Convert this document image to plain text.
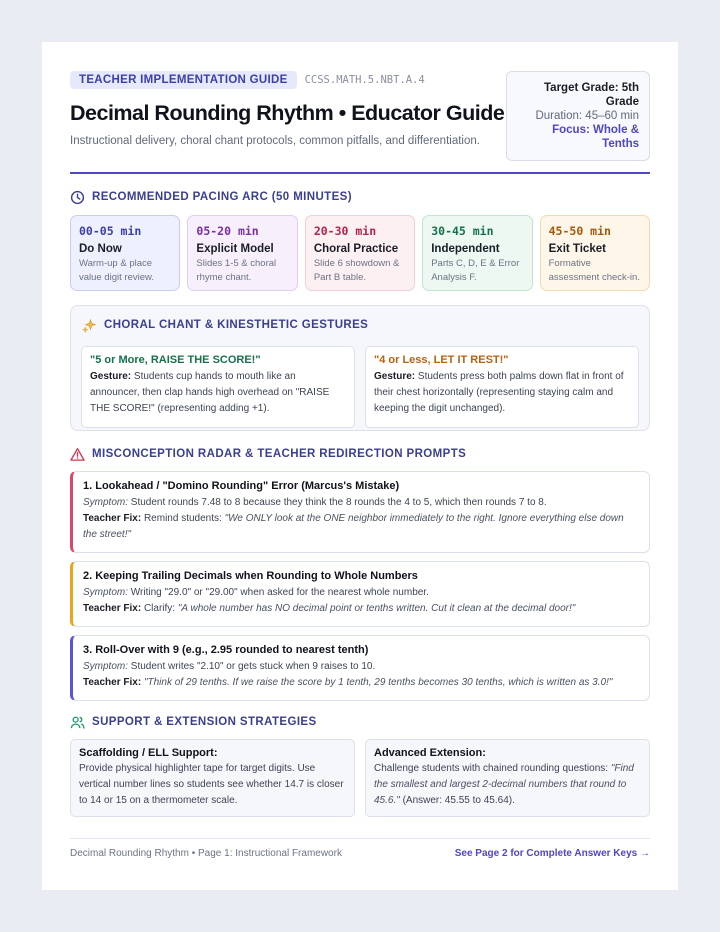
TEACHER IMPLEMENTATION GUIDE	CCSS.MATH.5.NBT.A.4
Decimal Rounding Rhythm • Educator Guide
Instructional delivery, choral chant protocols, common pitfalls, and differentiation.
Target Grade: 5th Grade
Duration: 45–60 min
Focus: Whole & Tenths
RECOMMENDED PACING ARC (50 MINUTES)
00-05 min
Do Now
Warm-up & place value digit review.
05-20 min
Explicit Model
Slides 1-5 & choral rhyme chant.
20-30 min
Choral Practice
Slide 6 showdown & Part B table.
30-45 min
Independent
Parts C, D, E & Error Analysis F.
45-50 min
Exit Ticket
Formative assessment check-in.
CHORAL CHANT & KINESTHETIC GESTURES
"5 or More, RAISE THE SCORE!"
Gesture: Students cup hands to mouth like an announcer, then clap hands high overhead on "RAISE THE SCORE!" (representing adding +1).
"4 or Less, LET IT REST!"
Gesture: Students press both palms down flat in front of their chest horizontally (representing staying calm and keeping the digit unchanged).
MISCONCEPTION RADAR & TEACHER REDIRECTION PROMPTS
1. Lookahead / "Domino Rounding" Error (Marcus's Mistake)
Symptom: Student rounds 7.48 to 8 because they think the 8 rounds the 4 to 5, which then rounds 7 to 8.
Teacher Fix: Remind students: "We ONLY look at the ONE neighbor immediately to the right. Ignore everything else down the street!"
2. Keeping Trailing Decimals when Rounding to Whole Numbers
Symptom: Writing "29.0" or "29.00" when asked for the nearest whole number.
Teacher Fix: Clarify: "A whole number has NO decimal point or tenths written. Cut it clean at the decimal door!"
3. Roll-Over with 9 (e.g., 2.95 rounded to nearest tenth)
Symptom: Student writes "2.10" or gets stuck when 9 raises to 10.
Teacher Fix: "Think of 29 tenths. If we raise the score by 1 tenth, 29 tenths becomes 30 tenths, which is written as 3.0!"
SUPPORT & EXTENSION STRATEGIES
Scaffolding / ELL Support:
Provide physical highlighter tape for target digits. Use vertical number lines so students see whether 14.7 is closer to 14 or 15 on a thermometer scale.
Advanced Extension:
Challenge students with chained rounding questions: "Find the smallest and largest 2-decimal numbers that round to 45.6." (Answer: 45.55 to 45.64).
Decimal Rounding Rhythm • Page 1: Instructional Framework	See Page 2 for Complete Answer Keys →
